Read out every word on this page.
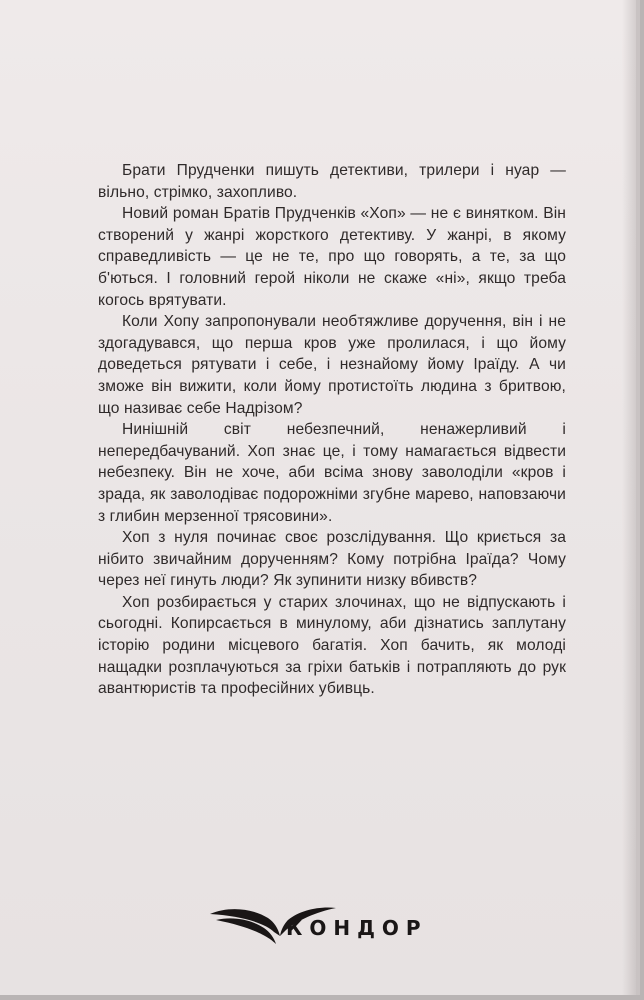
Брати Прудченки пишуть детективи, трилери і нуар — вільно, стрімко, захопливо.

Новий роман Братів Прудченків «Хоп» — не є винятком. Він створений у жанрі жорсткого детективу. У жанрі, в якому справедливість — це не те, про що говорять, а те, за що б'ються. І головний герой ніколи не скаже «ні», якщо треба когось врятувати.

Коли Хопу запропонували необтяжливе доручення, він і не здогадувався, що перша кров уже пролилася, і що йому доведеться рятувати і себе, і незнайому йому Іраїду. А чи зможе він вижити, коли йому протистоїть людина з бритвою, що називає себе Надрізом?

Нинішній світ небезпечний, ненажерливий і непередбачуваний. Хоп знає це, і тому намагається відвести небезпеку. Він не хоче, аби всіма знову заволоділи «кров і зрада, як заволодіває подорожніми згубне марево, наповзаючи з глибин мерзенної трясовини».

Хоп з нуля починає своє розслідування. Що криється за нібито звичайним дорученням? Кому потрібна Іраїда? Чому через неї гинуть люди? Як зупинити низку вбивств?

Хоп розбирається у старих злочинах, що не відпускають і сьогодні. Копирсається в минулому, аби дізнатись заплутану історію родини місцевого багатія. Хоп бачить, як молоді нащадки розплачуються за гріхи батьків і потрапляють до рук авантюристів та професійних убивць.

КОНДОР
